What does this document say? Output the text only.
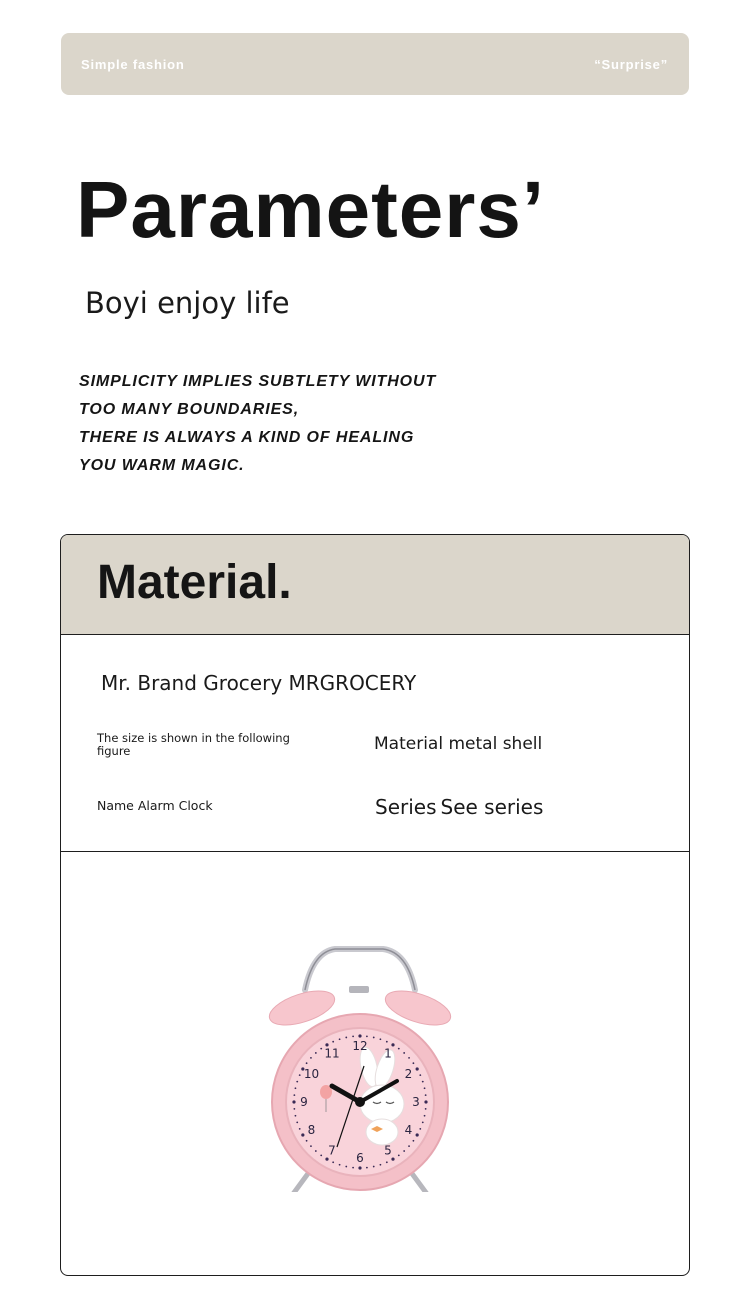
Simple fashion	“Surprise”
Parameters’
Boyi enjoy life
SIMPLICITY IMPLIES SUBTLETY WITHOUT
TOO MANY BOUNDARIES,
THERE IS ALWAYS A KIND OF HEALING
YOU WARM MAGIC.
Material.
Mr. Brand Grocery MRGROCERY
The size is shown in the following figure	Material metal shell
Name Alarm Clock	Series See series
12
1
2
3
4
5
6
7
8
9
10
11
